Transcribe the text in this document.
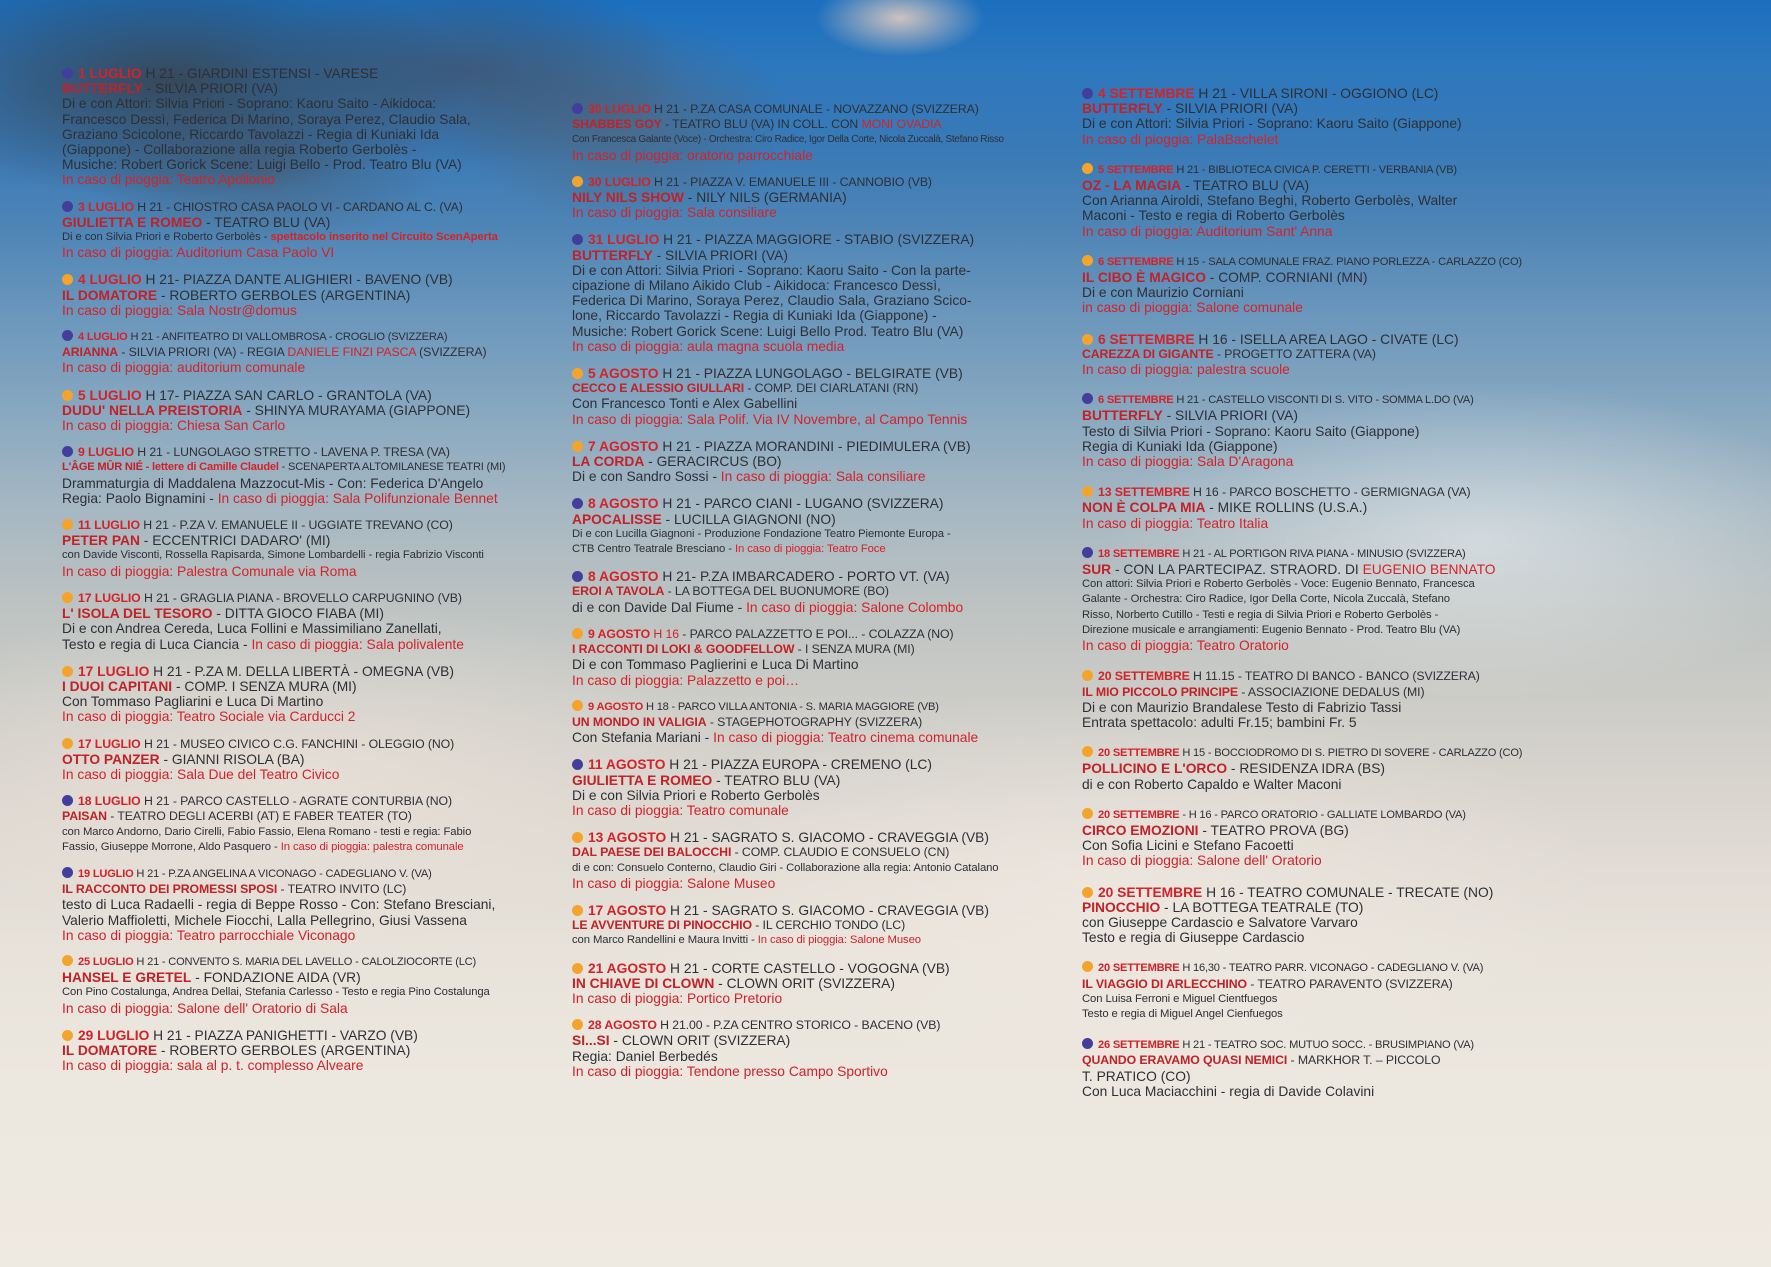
1 LUGLIO H 21 - GIARDINI ESTENSI - VARESE
BUTTERFLY - SILVIA PRIORI (VA)
Di e con Attori: Silvia Priori - Soprano: Kaoru Saito - Aikidoca:
Francesco Dessì, Federica Di Marino, Soraya Perez, Claudio Sala,
Graziano Scicolone, Riccardo Tavolazzi - Regia di Kuniaki Ida
(Giappone) - Collaborazione alla regia Roberto Gerbolès -
Musiche: Robert Gorick Scene: Luigi Bello - Prod. Teatro Blu (VA)
In caso di pioggia: Teatro Apollonio
3 LUGLIO H 21 - CHIOSTRO CASA PAOLO VI - CARDANO AL C. (VA)
GIULIETTA E ROMEO - TEATRO BLU (VA)
Di e con Silvia Priori e Roberto Gerbolès - spettacolo inserito nel Circuito ScenAperta
In caso di pioggia: Auditorium Casa Paolo VI
4 LUGLIO H 21- PIAZZA DANTE ALIGHIERI - BAVENO (VB)
IL DOMATORE - ROBERTO GERBOLES (ARGENTINA)
In caso di pioggia: Sala Nostr@domus
4 LUGLIO H 21 - ANFITEATRO DI VALLOMBROSA - CROGLIO (SVIZZERA)
ARIANNA - SILVIA PRIORI (VA) - REGIA DANIELE FINZI PASCA (SVIZZERA)
In caso di pioggia: auditorium comunale
5 LUGLIO H 17- PIAZZA SAN CARLO - GRANTOLA (VA)
DUDU' NELLA PREISTORIA - SHINYA MURAYAMA (GIAPPONE)
In caso di pioggia: Chiesa San Carlo
9 LUGLIO H 21 - LUNGOLAGO STRETTO - LAVENA P. TRESA (VA)
L'ÂGE MÛR NIÉ - lettere di Camille Claudel - SCENAPERTA ALTOMILANESE TEATRI (MI)
Drammaturgia di Maddalena Mazzocut-Mis - Con: Federica D'Angelo
Regia: Paolo Bignamini - In caso di pioggia: Sala Polifunzionale Bennet
11 LUGLIO H 21 - P.ZA V. EMANUELE II - UGGIATE TREVANO (CO)
PETER PAN - ECCENTRICI DADARO' (MI)
con Davide Visconti, Rossella Rapisarda, Simone Lombardelli - regia Fabrizio Visconti
In caso di pioggia: Palestra Comunale via Roma
17 LUGLIO H 21 - GRAGLIA PIANA - BROVELLO CARPUGNINO (VB)
L' ISOLA DEL TESORO - DITTA GIOCO FIABA (MI)
Di e con Andrea Cereda, Luca Follini e Massimiliano Zanellati,
Testo e regia di Luca Ciancia - In caso di pioggia: Sala polivalente
17 LUGLIO H 21 - P.ZA M. DELLA LIBERTÀ - OMEGNA (VB)
I DUOI CAPITANI - COMP. I SENZA MURA (MI)
Con Tommaso Pagliarini e Luca Di Martino
In caso di pioggia: Teatro Sociale via Carducci 2
17 LUGLIO H 21 - MUSEO CIVICO C.G. FANCHINI - OLEGGIO (NO)
OTTO PANZER - GIANNI RISOLA (BA)
In caso di pioggia: Sala Due del Teatro Civico
18 LUGLIO H 21 - PARCO CASTELLO - AGRATE CONTURBIA (NO)
PAISAN - TEATRO DEGLI ACERBI (AT) E FABER TEATER (TO)
con Marco Andorno, Dario Cirelli, Fabio Fassio, Elena Romano - testi e regia: Fabio
Fassio, Giuseppe Morrone, Aldo Pasquero - In caso di pioggia: palestra comunale
19 LUGLIO H 21 - P.ZA ANGELINA A VICONAGO - CADEGLIANO V. (VA)
IL RACCONTO DEI PROMESSI SPOSI - TEATRO INVITO (LC)
testo di Luca Radaelli - regia di Beppe Rosso - Con: Stefano Bresciani,
Valerio Maffioletti, Michele Fiocchi, Lalla Pellegrino, Giusi Vassena
In caso di pioggia: Teatro parrocchiale Viconago
25 LUGLIO H 21 - CONVENTO S. MARIA DEL LAVELLO - CALOLZIOCORTE (LC)
HANSEL E GRETEL - FONDAZIONE AIDA (VR)
Con Pino Costalunga, Andrea Dellai, Stefania Carlesso - Testo e regia Pino Costalunga
In caso di pioggia: Salone dell' Oratorio di Sala
29 LUGLIO H 21 - PIAZZA PANIGHETTI - VARZO (VB)
IL DOMATORE - ROBERTO GERBOLES (ARGENTINA)
In caso di pioggia: sala al p. t. complesso Alveare
30 LUGLIO H 21 - P.ZA CASA COMUNALE - NOVAZZANO (SVIZZERA)
SHABBES GOY - TEATRO BLU (VA) IN COLL. CON MONI OVADIA
Con Francesca Galante (Voce) - Orchestra: Ciro Radice, Igor Della Corte, Nicola Zuccalà, Stefano Risso
In caso di pioggia: oratorio parrocchiale
30 LUGLIO H 21 - PIAZZA V. EMANUELE III - CANNOBIO (VB)
NILY NILS SHOW - NILY NILS (GERMANIA)
In caso di pioggia: Sala consiliare
31 LUGLIO H 21 - PIAZZA MAGGIORE - STABIO (SVIZZERA)
BUTTERFLY - SILVIA PRIORI (VA)
Di e con Attori: Silvia Priori - Soprano: Kaoru Saito - Con la parte-
cipazione di Milano Aikido Club - Aikidoca: Francesco Dessì,
Federica Di Marino, Soraya Perez, Claudio Sala, Graziano Scico-
lone, Riccardo Tavolazzi - Regia di Kuniaki Ida (Giappone) -
Musiche: Robert Gorick Scene: Luigi Bello Prod. Teatro Blu (VA)
In caso di pioggia: aula magna scuola media
5 AGOSTO H 21 - PIAZZA LUNGOLAGO - BELGIRATE (VB)
CECCO E ALESSIO GIULLARI - COMP. DEI CIARLATANI (RN)
Con Francesco Tonti e Alex Gabellini
In caso di pioggia: Sala Polif. Via IV Novembre, al Campo Tennis
7 AGOSTO H 21 - PIAZZA MORANDINI - PIEDIMULERA (VB)
LA CORDA - GERACIRCUS (BO)
Di e con Sandro Sossi - In caso di pioggia: Sala consiliare
8 AGOSTO H 21 - PARCO CIANI - LUGANO (SVIZZERA)
APOCALISSE - LUCILLA GIAGNONI (NO)
Di e con Lucilla Giagnoni - Produzione Fondazione Teatro Piemonte Europa -
CTB Centro Teatrale Bresciano - In caso di pioggia: Teatro Foce
8 AGOSTO H 21- P.ZA IMBARCADERO - PORTO VT. (VA)
EROI A TAVOLA - LA BOTTEGA DEL BUONUMORE (BO)
di e con Davide Dal Fiume - In caso di pioggia: Salone Colombo
9 AGOSTO H 16 - PARCO PALAZZETTO E POI... - COLAZZA (NO)
I RACCONTI DI LOKI & GOODFELLOW - I SENZA MURA (MI)
Di e con Tommaso Paglierini e Luca Di Martino
In caso di pioggia: Palazzetto e poi…
9 AGOSTO H 18 - PARCO VILLA ANTONIA - S. MARIA MAGGIORE (VB)
UN MONDO IN VALIGIA - STAGEPHOTOGRAPHY (SVIZZERA)
Con Stefania Mariani - In caso di pioggia: Teatro cinema comunale
11 AGOSTO H 21 - PIAZZA EUROPA - CREMENO (LC)
GIULIETTA E ROMEO - TEATRO BLU (VA)
Di e con Silvia Priori e Roberto Gerbolès
In caso di pioggia: Teatro comunale
13 AGOSTO H 21 - SAGRATO S. GIACOMO - CRAVEGGIA (VB)
DAL PAESE DEI BALOCCHI - COMP. CLAUDIO E CONSUELO (CN)
di e con: Consuelo Conterno, Claudio Giri - Collaborazione alla regia: Antonio Catalano
In caso di pioggia: Salone Museo
17 AGOSTO H 21 - SAGRATO S. GIACOMO - CRAVEGGIA (VB)
LE AVVENTURE DI PINOCCHIO - IL CERCHIO TONDO (LC)
con Marco Randellini e Maura Invitti - In caso di pioggia: Salone Museo
21 AGOSTO H 21 - CORTE CASTELLO - VOGOGNA (VB)
IN CHIAVE DI CLOWN - CLOWN ORIT (SVIZZERA)
In caso di pioggia: Portico Pretorio
28 AGOSTO H 21.00 - P.ZA CENTRO STORICO - BACENO (VB)
SI...SI - CLOWN ORIT (SVIZZERA)
Regia: Daniel Berbedés
In caso di pioggia: Tendone presso Campo Sportivo
4 SETTEMBRE H 21 - VILLA SIRONI - OGGIONO (LC)
BUTTERFLY - SILVIA PRIORI (VA)
Di e con Attori: Silvia Priori - Soprano: Kaoru Saito (Giappone)
In caso di pioggia: PalaBachelet
5 SETTEMBRE H 21 - BIBLIOTECA CIVICA P. CERETTI - VERBANIA (VB)
OZ - LA MAGIA - TEATRO BLU (VA)
Con Arianna Airoldi, Stefano Beghi, Roberto Gerbolès, Walter
Maconi - Testo e regia di Roberto Gerbolès
In caso di pioggia: Auditorium Sant' Anna
6 SETTEMBRE H 15 - SALA COMUNALE FRAZ. PIANO PORLEZZA - CARLAZZO (CO)
IL CIBO È MAGICO - COMP. CORNIANI (MN)
Di e con Maurizio Corniani
in caso di pioggia: Salone comunale
6 SETTEMBRE H 16 - ISELLA AREA LAGO - CIVATE (LC)
CAREZZA DI GIGANTE - PROGETTO ZATTERA (VA)
In caso di pioggia: palestra scuole
6 SETTEMBRE H 21 - CASTELLO VISCONTI DI S. VITO - SOMMA L.DO (VA)
BUTTERFLY - SILVIA PRIORI (VA)
Testo di Silvia Priori - Soprano: Kaoru Saito (Giappone)
Regia di Kuniaki Ida (Giappone)
In caso di pioggia: Sala D'Aragona
13 SETTEMBRE H 16 - PARCO BOSCHETTO - GERMIGNAGA (VA)
NON È COLPA MIA - MIKE ROLLINS (U.S.A.)
In caso di pioggia: Teatro Italia
18 SETTEMBRE H 21 - AL PORTIGON RIVA PIANA - MINUSIO (SVIZZERA)
SUR - CON LA PARTECIPAZ. STRAORD. DI EUGENIO BENNATO
Con attori: Silvia Priori e Roberto Gerbolès - Voce: Eugenio Bennato, Francesca
Galante - Orchestra: Ciro Radice, Igor Della Corte, Nicola Zuccalà, Stefano
Risso, Norberto Cutillo - Testi e regia di Silvia Priori e Roberto Gerbolès -
Direzione musicale e arrangiamenti: Eugenio Bennato - Prod. Teatro Blu (VA)
In caso di pioggia: Teatro Oratorio
20 SETTEMBRE H 11.15 - TEATRO DI BANCO - BANCO (SVIZZERA)
IL MIO PICCOLO PRINCIPE - ASSOCIAZIONE DEDALUS (MI)
Di e con Maurizio Brandalese Testo di Fabrizio Tassi
Entrata spettacolo: adulti Fr.15; bambini Fr. 5
20 SETTEMBRE H 15 - BOCCIODROMO DI S. PIETRO DI SOVERE - CARLAZZO (CO)
POLLICINO E L'ORCO - RESIDENZA IDRA (BS)
di e con Roberto Capaldo e Walter Maconi
20 SETTEMBRE - H 16 - PARCO ORATORIO - GALLIATE LOMBARDO (VA)
CIRCO EMOZIONI - TEATRO PROVA (BG)
Con Sofia Licini e Stefano Facoetti
In caso di pioggia: Salone dell' Oratorio
20 SETTEMBRE H 16 - TEATRO COMUNALE - TRECATE (NO)
PINOCCHIO - LA BOTTEGA TEATRALE (TO)
con Giuseppe Cardascio e Salvatore Varvaro
Testo e regia di Giuseppe Cardascio
20 SETTEMBRE H 16,30 - TEATRO PARR. VICONAGO - CADEGLIANO V. (VA)
IL VIAGGIO DI ARLECCHINO - TEATRO PARAVENTO (SVIZZERA)
Con Luisa Ferroni e Miguel Cientfuegos
Testo e regia di Miguel Angel Cienfuegos
26 SETTEMBRE H 21 - TEATRO SOC. MUTUO SOCC. - BRUSIMPIANO (VA)
QUANDO ERAVAMO QUASI NEMICI - MARKHOR T. – PICCOLO
T. PRATICO (CO)
Con Luca Maciacchini - regia di Davide Colavini
